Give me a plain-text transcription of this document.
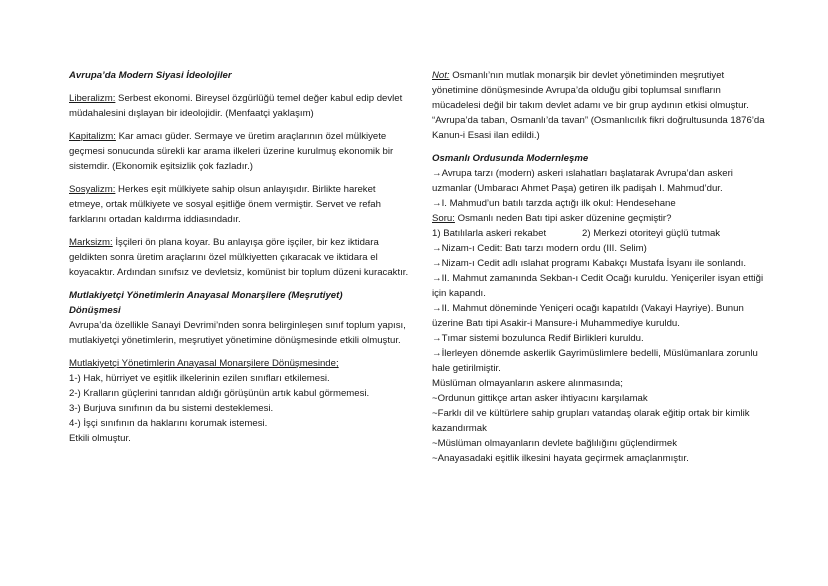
Avrupa’da Modern Siyasi İdeolojiler

Liberalizm: Serbest ekonomi. Bireysel özgürlüğü temel değer kabul edip devlet müdahalesini dışlayan bir ideolojidir. (Menfaatçi yaklaşım)

Kapitalizm: Kar amacı güder. Sermaye ve üretim araçlarının özel mülkiyete geçmesi sonucunda sürekli kar arama ilkeleri üzerine kurulmuş ekonomik bir sistemdir. (Ekonomik eşitsizlik çok fazladır.)

Sosyalizm: Herkes eşit mülkiyete sahip olsun anlayışıdır. Birlikte hareket etmeye, ortak mülkiyete ve sosyal eşitliğe önem vermiştir. Servet ve refah farklarını ortadan kaldırma iddiasındadır.

Marksizm: İşçileri ön plana koyar. Bu anlayışa göre işçiler, bir kez iktidara geldikten sonra üretim araçlarını özel mülkiyetten çıkaracak ve iktidara el koyacaktır. Ardından sınıfsız ve devletsiz, komünist bir toplum düzeni kuracaktır.

Mutlakiyetçi Yönetimlerin Anayasal Monarşilere (Meşrutiyet)
Dönüşmesi

Avrupa’da özellikle Sanayi Devrimi’nden sonra belirginleşen sınıf toplum yapısı, mutlakiyetçi yönetimlerin, meşrutiyet yönetimine dönüşmesinde etkili olmuştur.

Mutlakiyetçi Yönetimlerin Anayasal Monarşilere Dönüşmesinde;

1-) Hak, hürriyet ve eşitlik ilkelerinin ezilen sınıfları etkilemesi.
2-) Kralların güçlerini tanrıdan aldığı görüşünün artık kabul görmemesi.
3-) Burjuva sınıfının da bu sistemi desteklemesi.
4-) İşçi sınıfının da haklarını korumak istemesi.
Etkili olmuştur.

Not: Osmanlı’nın mutlak monarşik bir devlet yönetiminden meşrutiyet yönetimine dönüşmesinde Avrupa’da olduğu gibi toplumsal sınıfların mücadelesi değil bir takım devlet adamı ve bir grup aydının etkisi olmuştur. “Avrupa’da taban, Osmanlı’da tavan” (Osmanlıcılık fikri doğrultusunda 1876’da Kanun-i Esasi ilan edildi.)

Osmanlı Ordusunda Modernleşme

→Avrupa tarzı (modern) askeri ıslahatları başlatarak Avrupa’dan askeri uzmanlar (Umbaracı Ahmet Paşa) getiren ilk padişah I. Mahmud’dur.

→I. Mahmud’un batılı tarzda açtığı ilk okul: Hendesehane

Soru: Osmanlı neden Batı tipi asker düzenine geçmiştir?

1) Batılılarla askeri rekabet	2) Merkezi otoriteyi güçlü tutmak

→Nizam-ı Cedit: Batı tarzı modern ordu (III. Selim)

→Nizam-ı Cedit adlı ıslahat programı Kabakçı Mustafa İsyanı ile sonlandı.

→II. Mahmut zamanında Sekban-ı Cedit Ocağı kuruldu. Yeniçeriler isyan ettiği için kapandı.

→II. Mahmut döneminde Yeniçeri ocağı kapatıldı (Vakayi Hayriye). Bunun üzerine Batı tipi Asakir-i Mansure-i Muhammediye kuruldu.

→Tımar sistemi bozulunca Redif Birlikleri kuruldu.

→İlerleyen dönemde askerlik Gayrimüslimlere bedelli, Müslümanlara zorunlu hale getirilmiştir.

Müslüman olmayanların askere alınmasında;

~Ordunun gittikçe artan asker ihtiyacını karşılamak
~Farklı dil ve kültürlere sahip grupları vatandaş olarak eğitip ortak bir kimlik kazandırmak
~Müslüman olmayanların devlete bağlılığını güçlendirmek
~Anayasadaki eşitlik ilkesini hayata geçirmek amaçlanmıştır.
